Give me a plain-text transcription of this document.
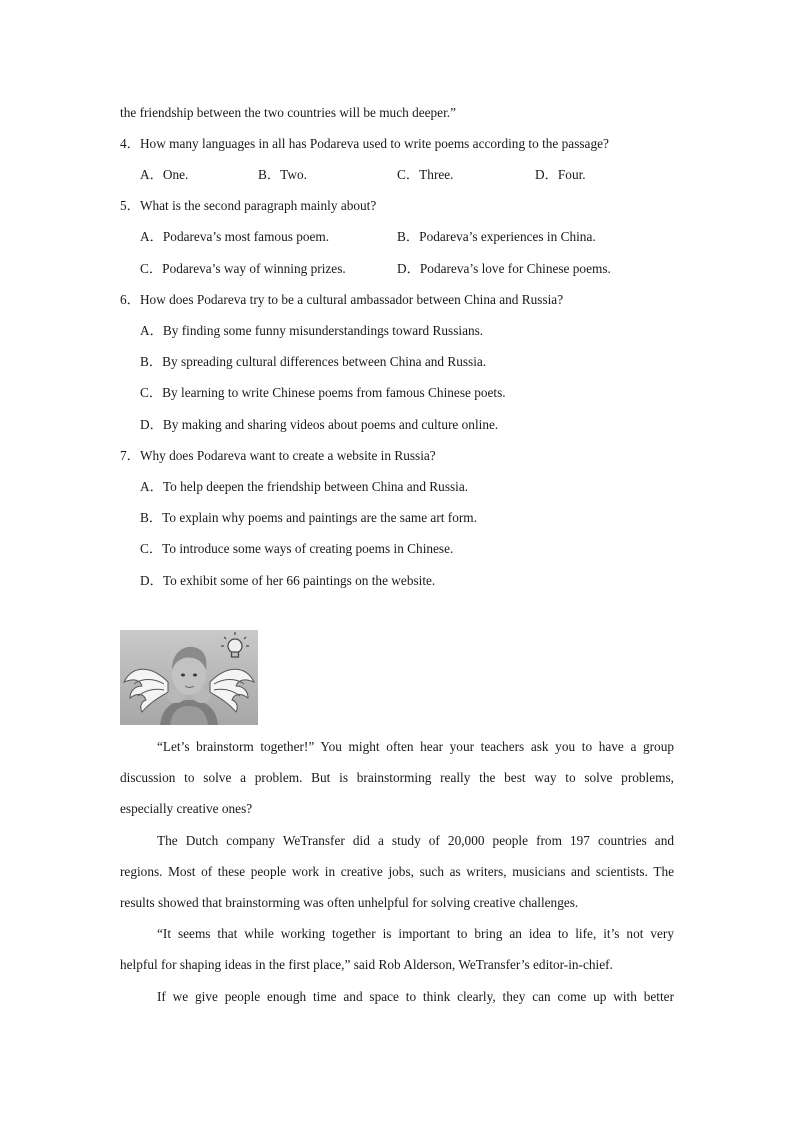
the friendship between the two countries will be much deeper.”
4．How many languages in all has Podareva used to write poems according to the passage?
A．One.	B．Two.	C．Three.	D．Four.
5．What is the second paragraph mainly about?
A．Podareva’s most famous poem.	B．Podareva’s experiences in China.
C．Podareva’s way of winning prizes.	D．Podareva’s love for Chinese poems.
6．How does Podareva try to be a cultural ambassador between China and Russia?
A．By finding some funny misunderstandings toward Russians.
B．By spreading cultural differences between China and Russia.
C．By learning to write Chinese poems from famous Chinese poets.
D．By making and sharing videos about poems and culture online.
7．Why does Podareva want to create a website in Russia?
A．To help deepen the friendship between China and Russia.
B．To explain why poems and paintings are the same art form.
C．To introduce some ways of creating poems in Chinese.
D．To exhibit some of her 66 paintings on the website.
“Let’s brainstorm together!” You might often hear your teachers ask you to have a group
discussion to solve a problem. But is brainstorming really the best way to solve problems,
especially creative ones?
The Dutch company WeTransfer did a study of 20,000 people from 197 countries and
regions. Most of these people work in creative jobs, such as writers, musicians and scientists. The
results showed that brainstorming was often unhelpful for solving creative challenges.
“It seems that while working together is important to bring an idea to life, it’s not very
helpful for shaping ideas in the first place,” said Rob Alderson, WeTransfer’s editor-in-chief.
If we give people enough time and space to think clearly, they can come up with better
